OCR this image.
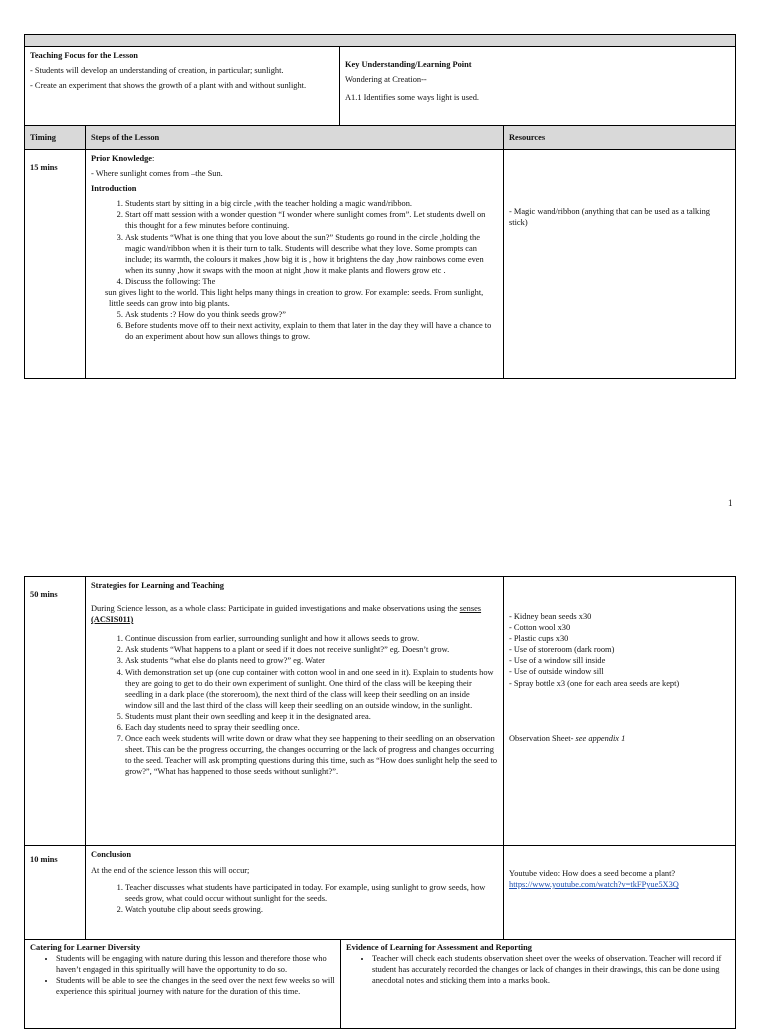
Teaching Focus for the Lesson

- Students will develop an understanding of creation, in particular; sunlight.

- Create an experiment that shows the growth of a plant with and without sunlight.

Key Understanding/Learning Point

Wondering at Creation--

A1.1 Identifies some ways light is used.

Timing	Steps of the Lesson	Resources
15 mins

Prior Knowledge:

- Where sunlight comes from –the Sun.

Introduction

1. Students start by sitting in a big circle ,with the teacher holding a magic wand/ribbon.
2. Start off matt session with a wonder question “I wonder where sunlight comes from”. Let students dwell on this thought for a few minutes before continuing.
3. Ask students “What is one thing that you love about the sun?” Students go round in the circle ,holding the magic wand/ribbon when it is their turn to talk. Students will describe what they love. Some prompts can include; its warmth, the colours it makes ,how big it is , how it brightens the day ,how rainbows come even when its sunny ,how it swaps with the moon at night ,how it make plants and flowers grow etc .
4. Discuss the following: The

sun gives light to the world. This light helps many things in creation to grow. For example: seeds. From sunlight, little seeds can grow into big plants.

5. Ask students :? How do you think seeds grow?”
6. Before students move off to their next activity, explain to them that later in the day they will have a chance to do an experiment about how sun allows things to grow.

- Magic wand/ribbon (anything that can be used as a talking stick)

1
50 mins

Strategies for Learning and Teaching

During Science lesson, as a whole class: Participate in guided investigations and make observations using the senses (ACSIS011)

1. Continue discussion from earlier, surrounding sunlight and how it allows seeds to grow.
2. Ask students “What happens to a plant or seed if it does not receive sunlight?” eg. Doesn’t grow.
3. Ask students “what else do plants need to grow?” eg. Water
4. With demonstration set up (one cup container with cotton wool in and one seed in it). Explain to students how they are going to get to do their own experiment of sunlight. One third of the class will be keeping their seedling in a dark place (the storeroom), the next third of the class will keep their seedling on an inside window sill and the last third of the class will keep their seedling on an outside window, in the sunlight.
5. Students must plant their own seedling and keep it in the designated area.
6. Each day students need to spray their seedling once.
7. Once each week students will write down or draw what they see happening to their seedling on an observation sheet. This can be the progress occurring, the changes occurring or the lack of progress and changes occurring to the seed. Teacher will ask prompting questions during this time, such as “How does sunlight help the seed to grow?”, “What has happened to those seeds without sunlight?”.

- Kidney bean seeds x30

- Cotton wool x30

- Plastic cups x30

- Use of storeroom (dark room)

- Use of a window sill inside

- Use of outside window sill

- Spray bottle x3 (one for each area seeds are kept)

Observation Sheet- see appendix 1

10 mins

Conclusion

At the end of the science lesson this will occur;

1. Teacher discusses what students have participated in today. For example, using sunlight to grow seeds, how seeds grow, what could occur without sunlight for the seeds.
2. Watch youtube clip about seeds growing.

Youtube video: How does a seed become a plant?

https://www.youtube.com/watch?v=tkFPyue5X3Q

Catering for Learner Diversity

• Students will be engaging with nature during this lesson and therefore those who haven’t engaged in this spiritually will have the opportunity to do so.
• Students will be able to see the changes in the seed over the next few weeks so will experience this spiritual journey with nature for the duration of this time.

Evidence of Learning for Assessment and Reporting

• Teacher will check each students observation sheet over the weeks of observation. Teacher will record if student has accurately recorded the changes or lack of changes in their drawings, this can be done using anecdotal notes and sticking them into a marks book.
